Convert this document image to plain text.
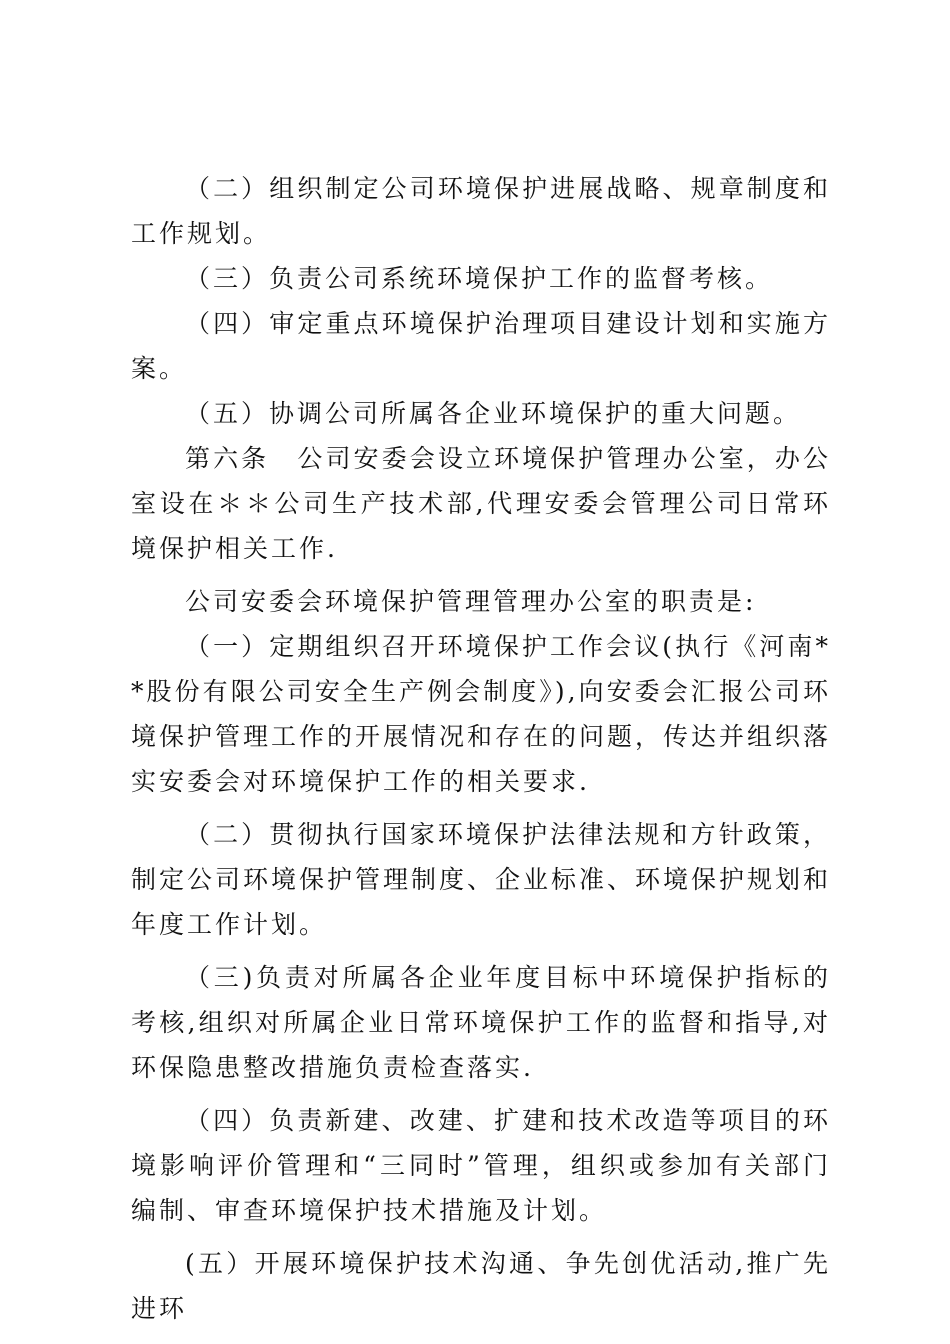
（二）组织制定公司环境保护进展战略、规章制度和工作规划。

（三）负责公司系统环境保护工作的监督考核。

（四）审定重点环境保护治理项目建设计划和实施方案。

（五）协调公司所属各企业环境保护的重大问题。

第六条　公司安委会设立环境保护管理办公室，办公室设在＊＊公司生产技术部,代理安委会管理公司日常环境保护相关工作.

公司安委会环境保护管理管理办公室的职责是:

（一）定期组织召开环境保护工作会议(执行《河南**股份有限公司安全生产例会制度》),向安委会汇报公司环境保护管理工作的开展情况和存在的问题，传达并组织落实安委会对环境保护工作的相关要求.

（二）贯彻执行国家环境保护法律法规和方针政策，制定公司环境保护管理制度、企业标准、环境保护规划和年度工作计划。

（三)负责对所属各企业年度目标中环境保护指标的考核,组织对所属企业日常环境保护工作的监督和指导,对环保隐患整改措施负责检查落实.

（四）负责新建、改建、扩建和技术改造等项目的环境影响评价管理和“三同时”管理，组织或参加有关部门编制、审查环境保护技术措施及计划。

(五）开展环境保护技术沟通、争先创优活动,推广先进环
